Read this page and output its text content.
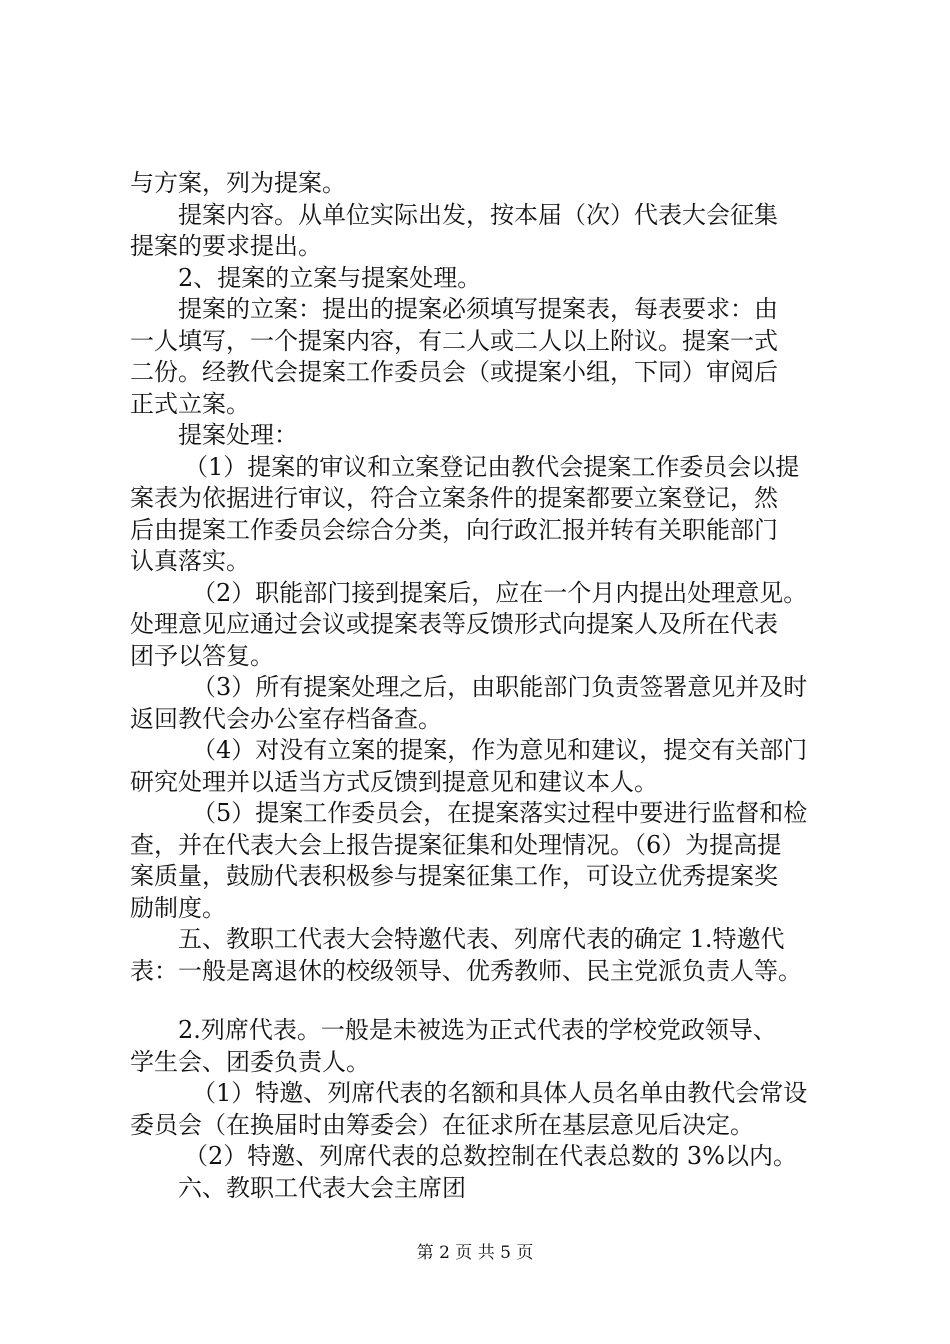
与方案，列为提案。
提案内容。从单位实际出发，按本届（次）代表大会征集
提案的要求提出。
2、提案的立案与提案处理。
提案的立案：提出的提案必须填写提案表，每表要求：由
一人填写，一个提案内容，有二人或二人以上附议。提案一式
二份。经教代会提案工作委员会（或提案小组，下同）审阅后
正式立案。
提案处理：
（1）提案的审议和立案登记由教代会提案工作委员会以提
案表为依据进行审议，符合立案条件的提案都要立案登记，然
后由提案工作委员会综合分类，向行政汇报并转有关职能部门
认真落实。
（2）职能部门接到提案后，应在一个月内提出处理意见。
处理意见应通过会议或提案表等反馈形式向提案人及所在代表
团予以答复。
（3）所有提案处理之后，由职能部门负责签署意见并及时
返回教代会办公室存档备查。
（4）对没有立案的提案，作为意见和建议，提交有关部门
研究处理并以适当方式反馈到提意见和建议本人。
（5）提案工作委员会，在提案落实过程中要进行监督和检
查，并在代表大会上报告提案征集和处理情况。（6）为提高提
案质量，鼓励代表积极参与提案征集工作，可设立优秀提案奖
励制度。
五、教职工代表大会特邀代表、列席代表的确定 1.特邀代
表：一般是离退休的校级领导、优秀教师、民主党派负责人等。
2.列席代表。一般是未被选为正式代表的学校党政领导、
学生会、团委负责人。
（1）特邀、列席代表的名额和具体人员名单由教代会常设
委员会（在换届时由筹委会）在征求所在基层意见后决定。
（2）特邀、列席代表的总数控制在代表总数的 3%以内。
六、教职工代表大会主席团
第 2 页 共 5 页
